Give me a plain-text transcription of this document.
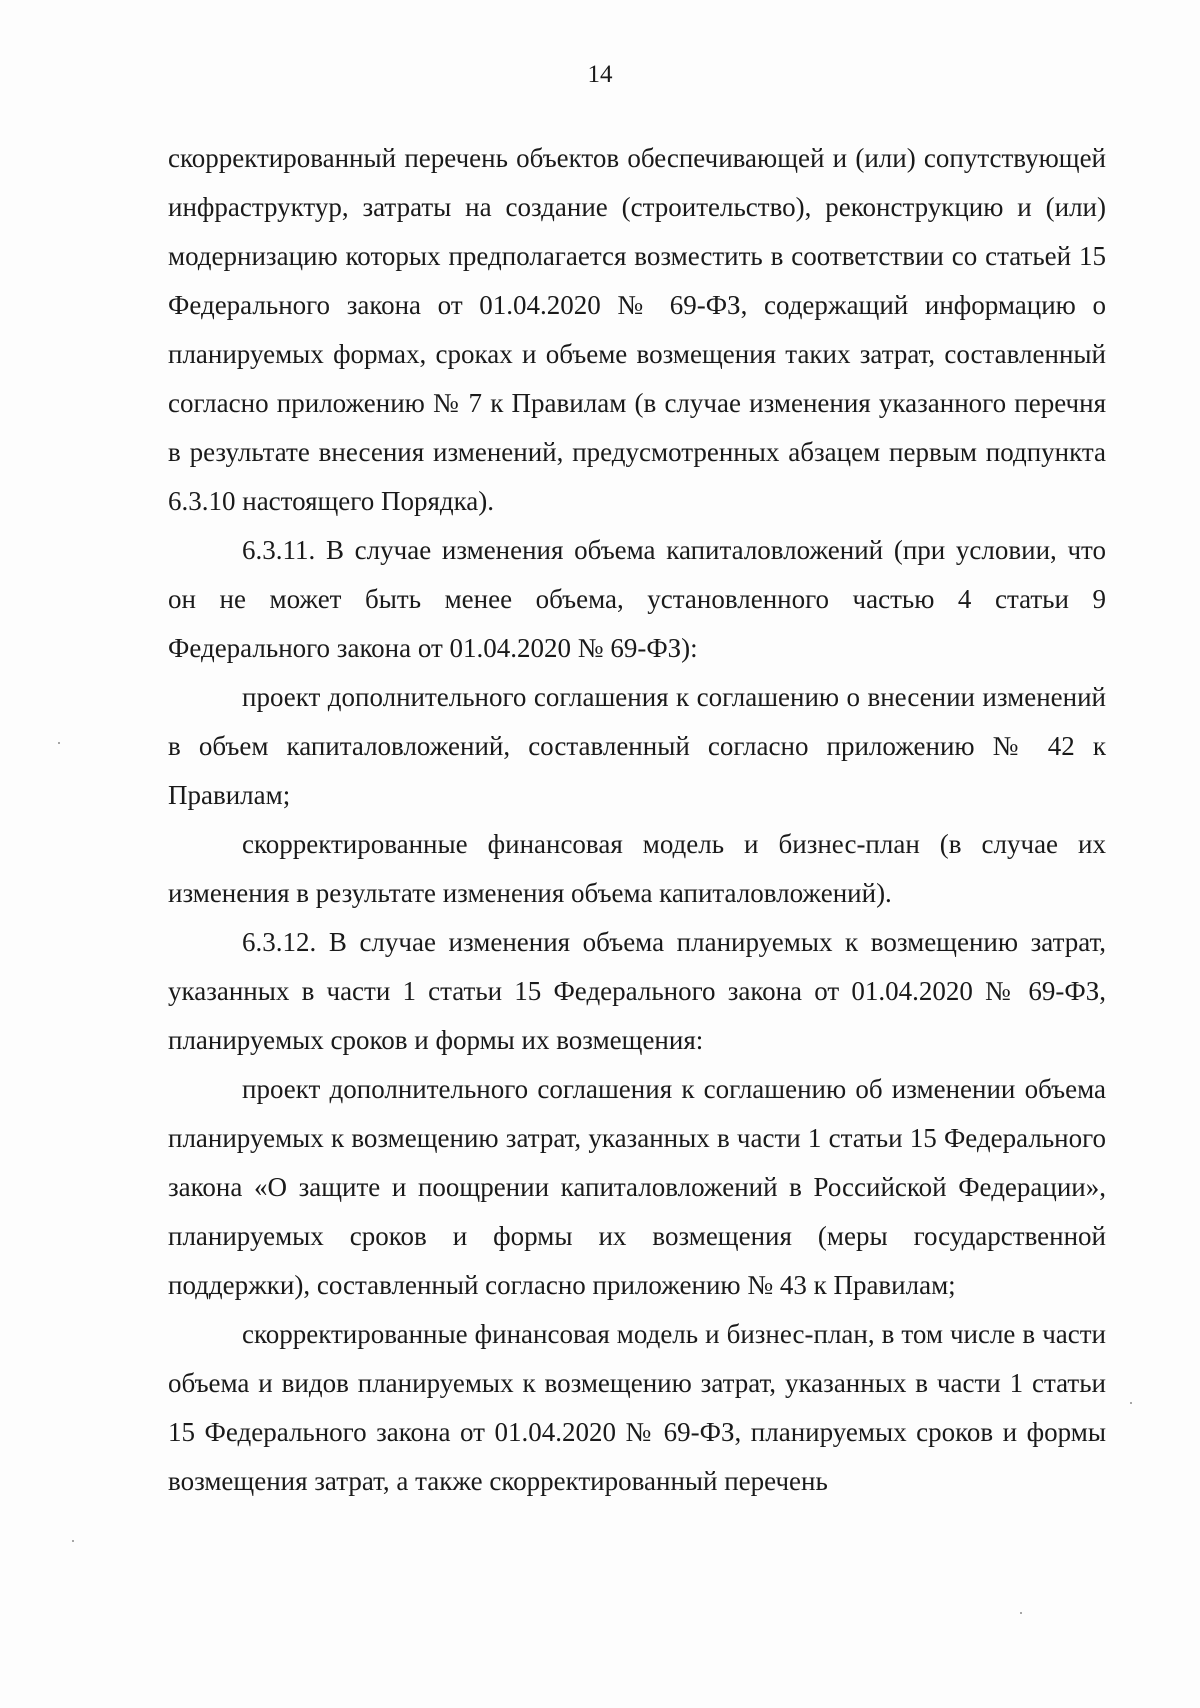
14

скорректированный перечень объектов обеспечивающей и (или) сопутствующей инфраструктур, затраты на создание (строительство), реконструкцию и (или) модернизацию которых предполагается возместить в соответствии со статьей 15 Федерального закона от 01.04.2020 № 69-ФЗ, содержащий информацию о планируемых формах, сроках и объеме возмещения таких затрат, составленный согласно приложению № 7 к Правилам (в случае изменения указанного перечня в результате внесения изменений, предусмотренных абзацем первым подпункта 6.3.10 настоящего Порядка).

6.3.11. В случае изменения объема капиталовложений (при условии, что он не может быть менее объема, установленного частью 4 статьи 9 Федерального закона от 01.04.2020 № 69-ФЗ):

проект дополнительного соглашения к соглашению о внесении изменений в объем капиталовложений, составленный согласно приложению № 42 к Правилам;

скорректированные финансовая модель и бизнес-план (в случае их изменения в результате изменения объема капиталовложений).

6.3.12. В случае изменения объема планируемых к возмещению затрат, указанных в части 1 статьи 15 Федерального закона от 01.04.2020 № 69-ФЗ, планируемых сроков и формы их возмещения:

проект дополнительного соглашения к соглашению об изменении объема планируемых к возмещению затрат, указанных в части 1 статьи 15 Федерального закона «О защите и поощрении капиталовложений в Российской Федерации», планируемых сроков и формы их возмещения (меры государственной поддержки), составленный согласно приложению № 43 к Правилам;

скорректированные финансовая модель и бизнес-план, в том числе в части объема и видов планируемых к возмещению затрат, указанных в части 1 статьи 15 Федерального закона от 01.04.2020 № 69-ФЗ, планируемых сроков и формы возмещения затрат, а также скорректированный перечень
